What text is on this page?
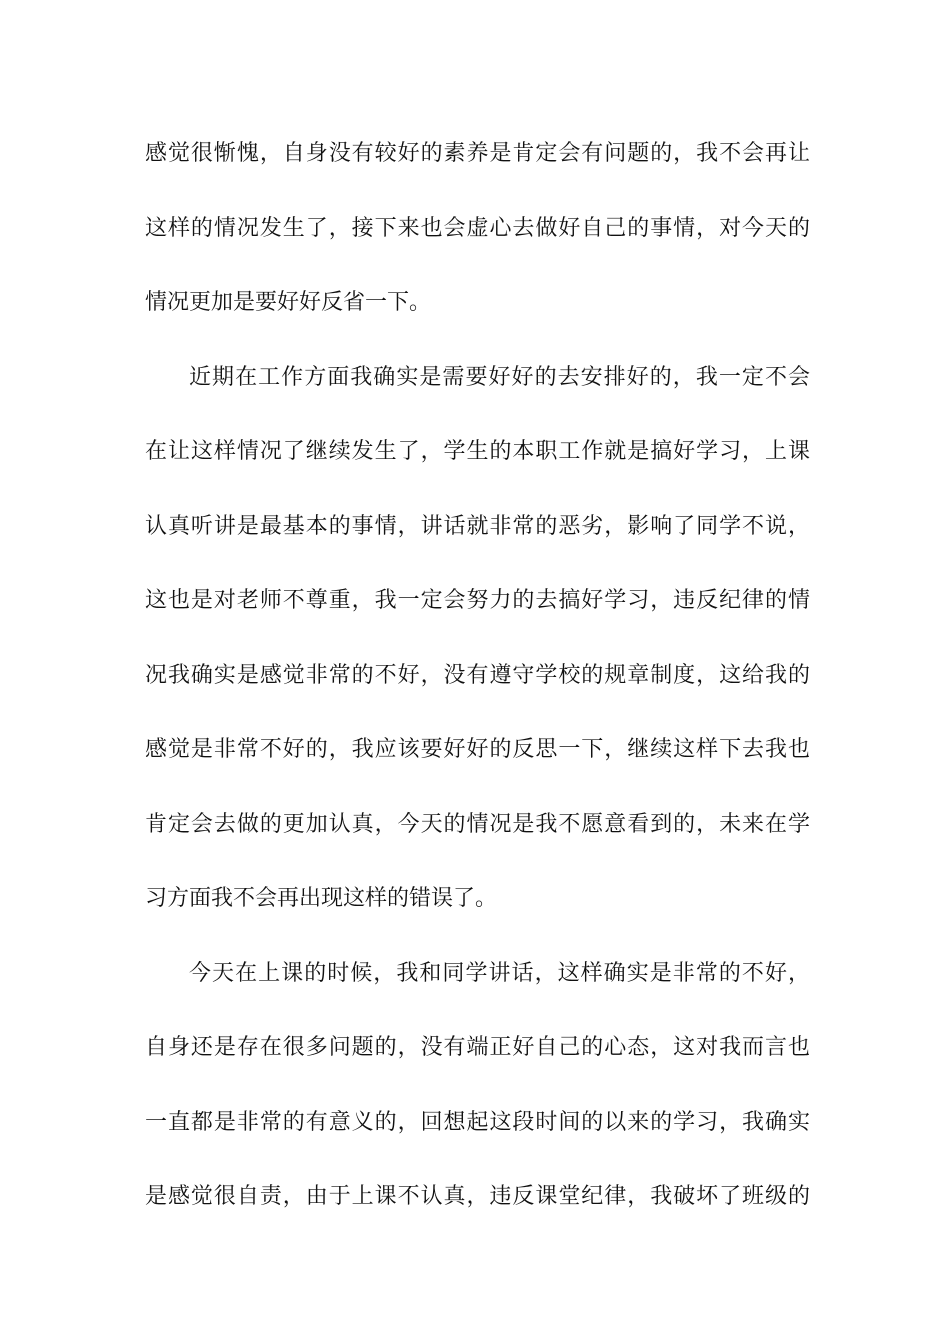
感觉很惭愧，自身没有较好的素养是肯定会有问题的，我不会再让
这样的情况发生了，接下来也会虚心去做好自己的事情，对今天的
情况更加是要好好反省一下。
近期在工作方面我确实是需要好好的去安排好的，我一定不会
在让这样情况了继续发生了，学生的本职工作就是搞好学习，上课
认真听讲是最基本的事情，讲话就非常的恶劣，影响了同学不说，
这也是对老师不尊重，我一定会努力的去搞好学习，违反纪律的情
况我确实是感觉非常的不好，没有遵守学校的规章制度，这给我的
感觉是非常不好的，我应该要好好的反思一下，继续这样下去我也
肯定会去做的更加认真，今天的情况是我不愿意看到的，未来在学
习方面我不会再出现这样的错误了。
今天在上课的时候，我和同学讲话，这样确实是非常的不好，
自身还是存在很多问题的，没有端正好自己的心态，这对我而言也
一直都是非常的有意义的，回想起这段时间的以来的学习，我确实
是感觉很自责，由于上课不认真，违反课堂纪律，我破坏了班级的
